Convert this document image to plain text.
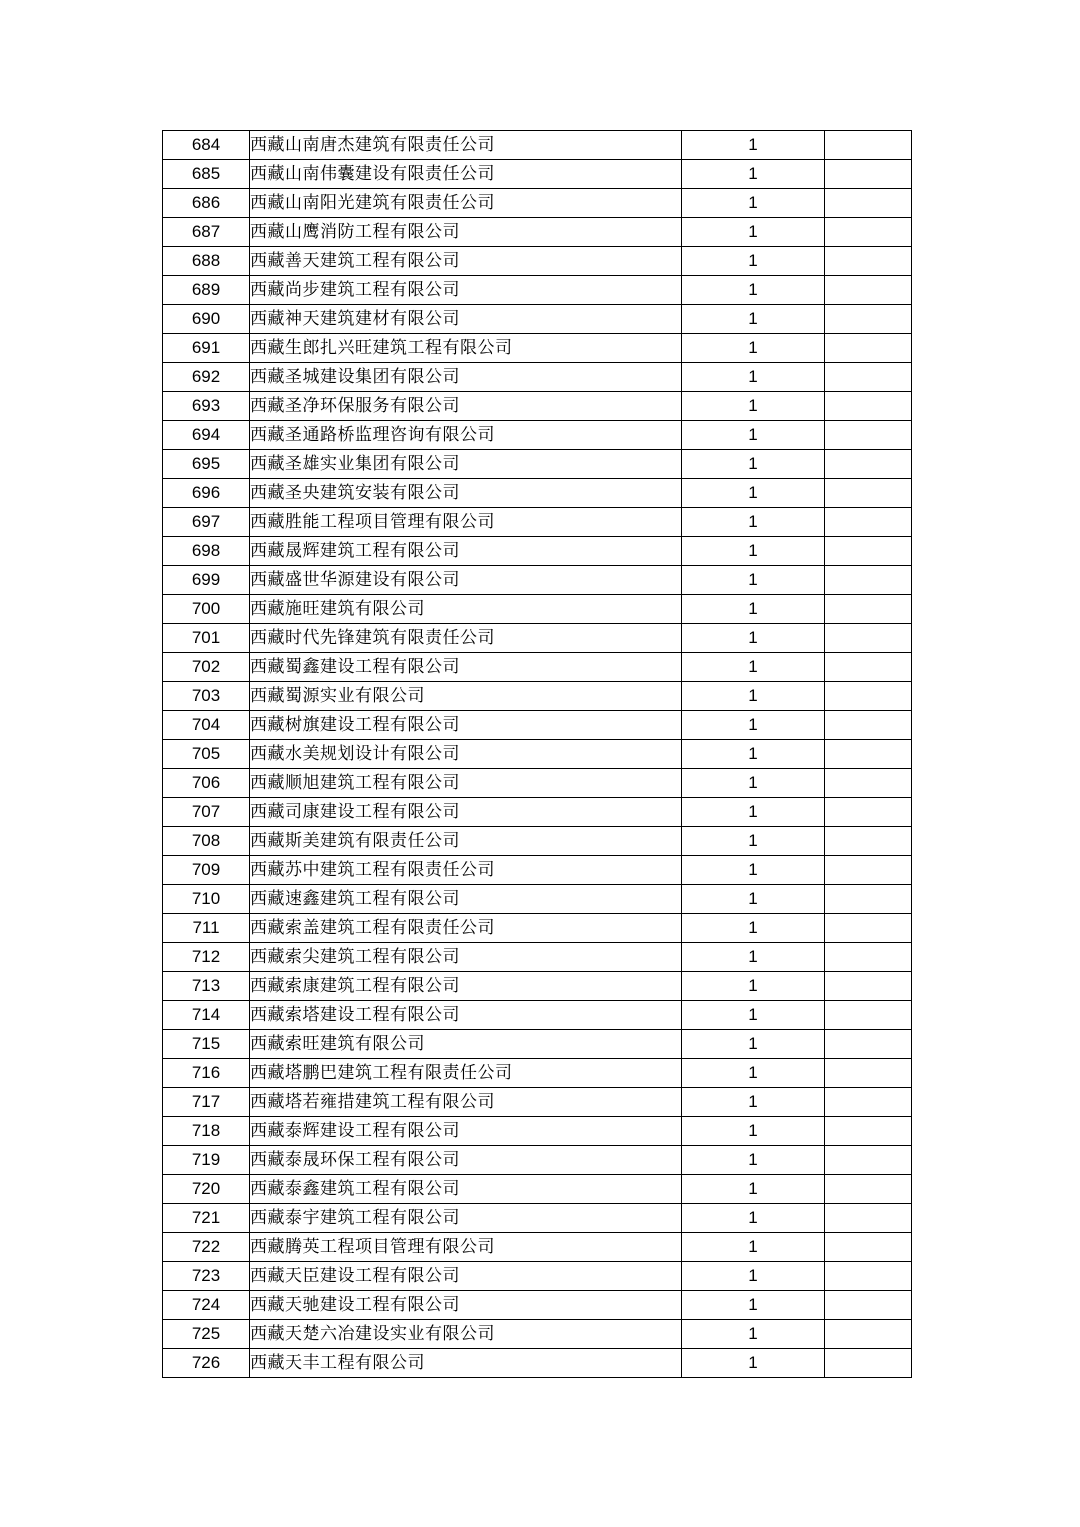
684	西藏山南唐杰建筑有限责任公司	1	
685	西藏山南伟囊建设有限责任公司	1	
686	西藏山南阳光建筑有限责任公司	1	
687	西藏山鹰消防工程有限公司	1	
688	西藏善天建筑工程有限公司	1	
689	西藏尚步建筑工程有限公司	1	
690	西藏神天建筑建材有限公司	1	
691	西藏生郎扎兴旺建筑工程有限公司	1	
692	西藏圣城建设集团有限公司	1	
693	西藏圣净环保服务有限公司	1	
694	西藏圣通路桥监理咨询有限公司	1	
695	西藏圣雄实业集团有限公司	1	
696	西藏圣央建筑安装有限公司	1	
697	西藏胜能工程项目管理有限公司	1	
698	西藏晟辉建筑工程有限公司	1	
699	西藏盛世华源建设有限公司	1	
700	西藏施旺建筑有限公司	1	
701	西藏时代先锋建筑有限责任公司	1	
702	西藏蜀鑫建设工程有限公司	1	
703	西藏蜀源实业有限公司	1	
704	西藏树旗建设工程有限公司	1	
705	西藏水美规划设计有限公司	1	
706	西藏顺旭建筑工程有限公司	1	
707	西藏司康建设工程有限公司	1	
708	西藏斯美建筑有限责任公司	1	
709	西藏苏中建筑工程有限责任公司	1	
710	西藏速鑫建筑工程有限公司	1	
711	西藏索盖建筑工程有限责任公司	1	
712	西藏索尖建筑工程有限公司	1	
713	西藏索康建筑工程有限公司	1	
714	西藏索塔建设工程有限公司	1	
715	西藏索旺建筑有限公司	1	
716	西藏塔鹏巴建筑工程有限责任公司	1	
717	西藏塔若雍措建筑工程有限公司	1	
718	西藏泰辉建设工程有限公司	1	
719	西藏泰晟环保工程有限公司	1	
720	西藏泰鑫建筑工程有限公司	1	
721	西藏泰宇建筑工程有限公司	1	
722	西藏腾英工程项目管理有限公司	1	
723	西藏天臣建设工程有限公司	1	
724	西藏天驰建设工程有限公司	1	
725	西藏天楚六冶建设实业有限公司	1	
726	西藏天丰工程有限公司	1	
